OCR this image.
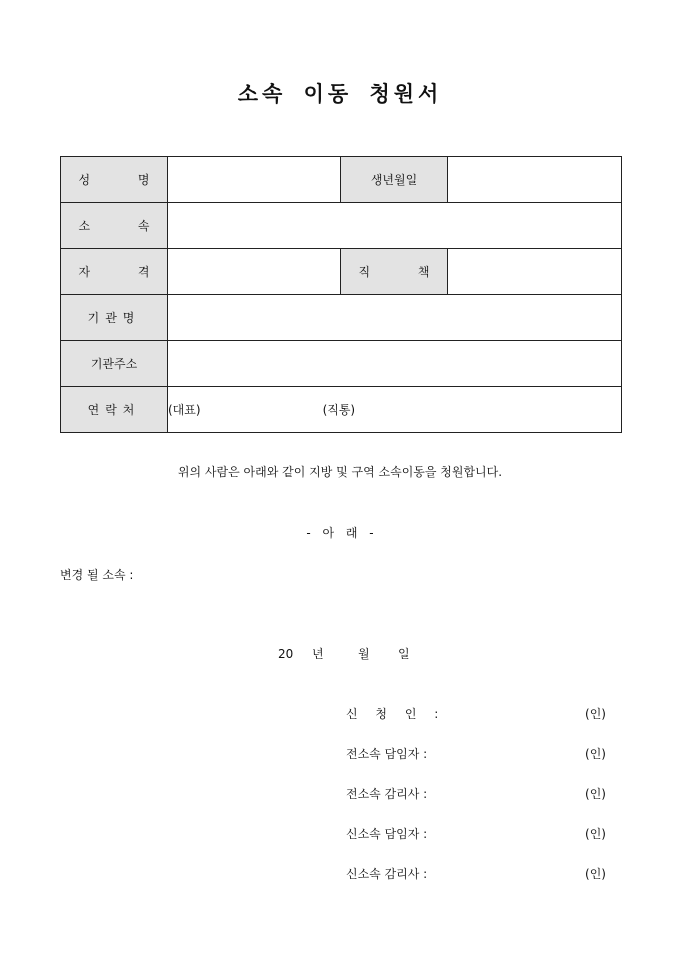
소속 이동 청원서
성 명		생년월일	
소 속			
자 격		직 책	
기관명			
기관주소			
연락처	(대표) (직통)		
위의 사람은 아래와 같이 지방 및 구역 소속이동을 청원합니다.
- 아 래 -
변경 될 소속 :
20 년	월 일
신 청 인 :	(인)
전소속 담임자 :	(인)
전소속 감리사 :	(인)
신소속 담임자 :	(인)
신소속 감리사 :	(인)
